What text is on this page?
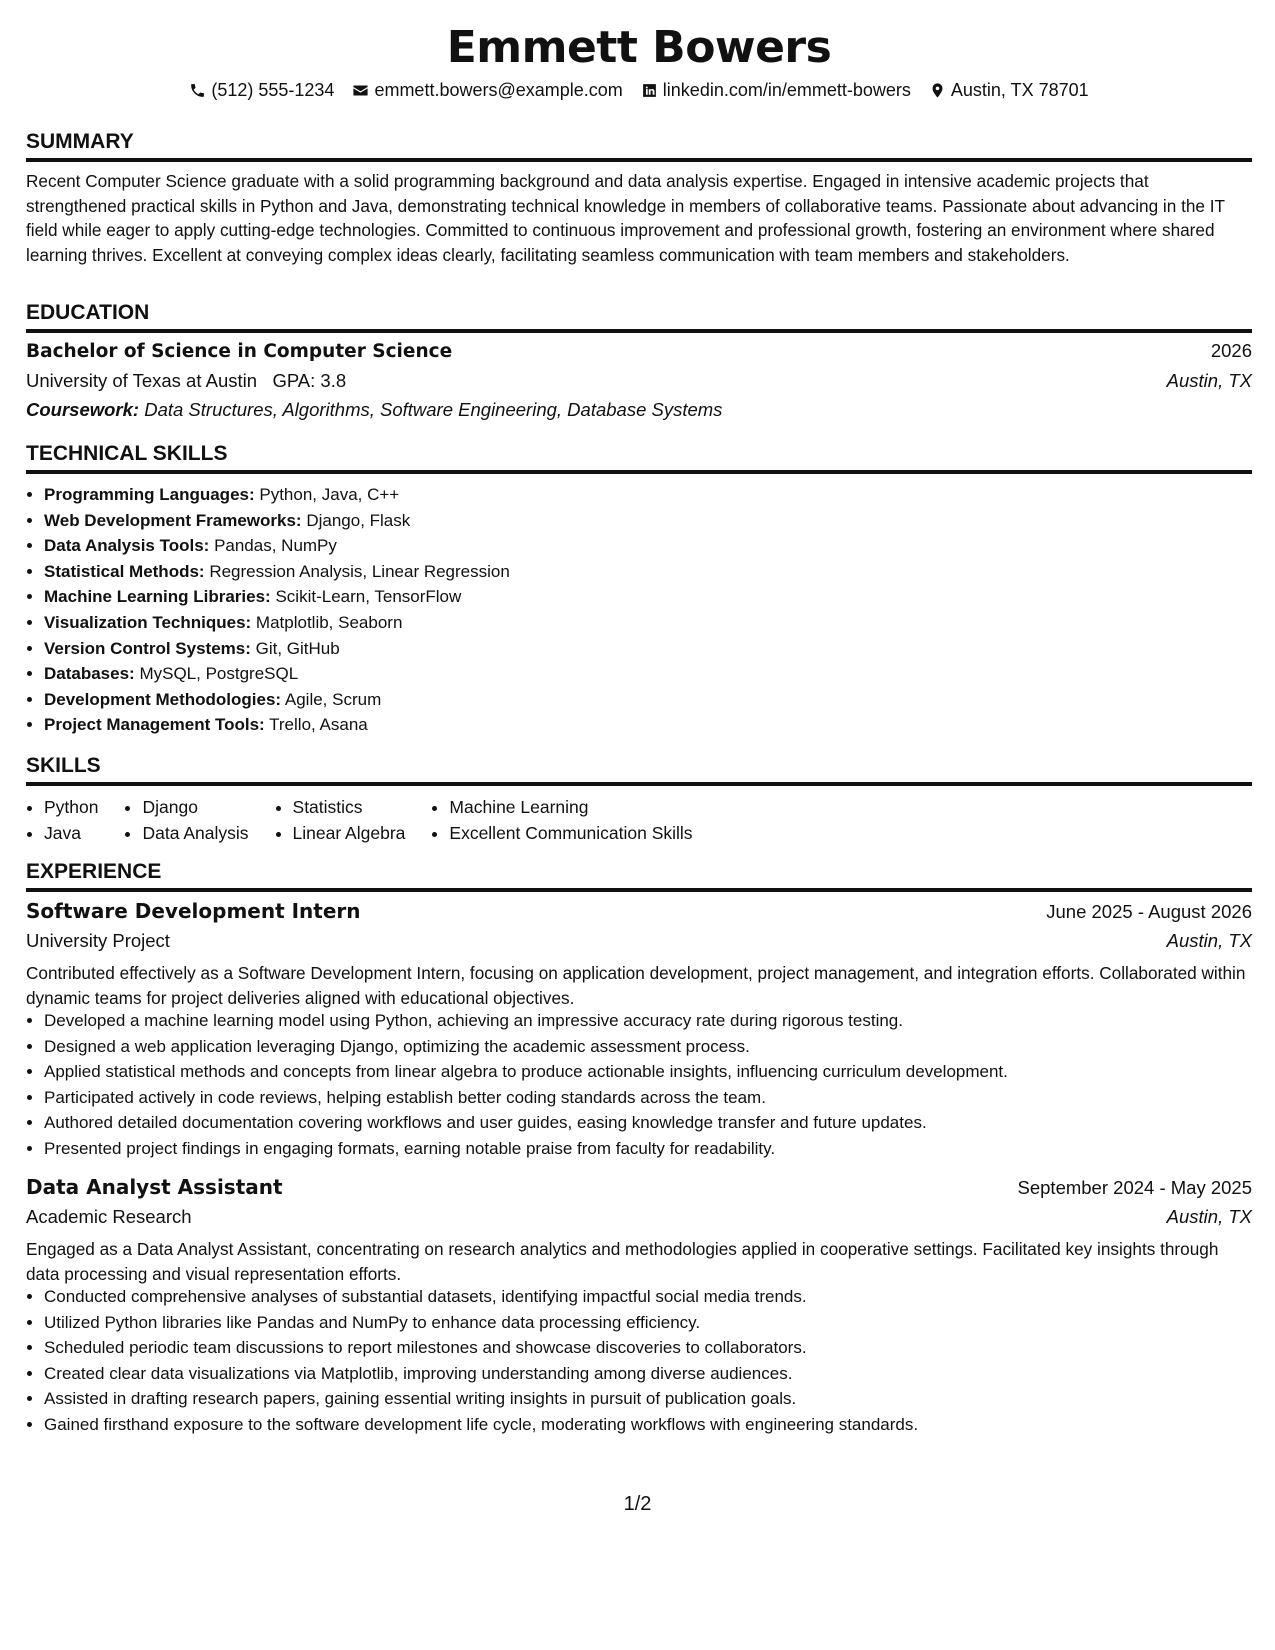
Emmett Bowers
(512) 555-1234 emmett.bowers@example.com linkedin.com/in/emmett-bowers Austin, TX 78701
SUMMARY
Recent Computer Science graduate with a solid programming background and data analysis expertise. Engaged in intensive academic projects that strengthened practical skills in Python and Java, demonstrating technical knowledge in members of collaborative teams. Passionate about advancing in the IT field while eager to apply cutting-edge technologies. Committed to continuous improvement and professional growth, fostering an environment where shared learning thrives. Excellent at conveying complex ideas clearly, facilitating seamless communication with team members and stakeholders.
EDUCATION
Bachelor of Science in Computer Science	2026
University of Texas at Austin GPA: 3.8	Austin, TX
Coursework: Data Structures, Algorithms, Software Engineering, Database Systems
TECHNICAL SKILLS
• Programming Languages: Python, Java, C++
• Web Development Frameworks: Django, Flask
• Data Analysis Tools: Pandas, NumPy
• Statistical Methods: Regression Analysis, Linear Regression
• Machine Learning Libraries: Scikit-Learn, TensorFlow
• Visualization Techniques: Matplotlib, Seaborn
• Version Control Systems: Git, GitHub
• Databases: MySQL, PostgreSQL
• Development Methodologies: Agile, Scrum
• Project Management Tools: Trello, Asana
SKILLS
• Python
• Java
• Django
• Data Analysis
• Statistics
• Linear Algebra
• Machine Learning
• Excellent Communication Skills
EXPERIENCE
Software Development Intern	June 2025 - August 2026
University Project	Austin, TX
Contributed effectively as a Software Development Intern, focusing on application development, project management, and integration efforts. Collaborated within dynamic teams for project deliveries aligned with educational objectives.
• Developed a machine learning model using Python, achieving an impressive accuracy rate during rigorous testing.
• Designed a web application leveraging Django, optimizing the academic assessment process.
• Applied statistical methods and concepts from linear algebra to produce actionable insights, influencing curriculum development.
• Participated actively in code reviews, helping establish better coding standards across the team.
• Authored detailed documentation covering workflows and user guides, easing knowledge transfer and future updates.
• Presented project findings in engaging formats, earning notable praise from faculty for readability.
Data Analyst Assistant	September 2024 - May 2025
Academic Research	Austin, TX
Engaged as a Data Analyst Assistant, concentrating on research analytics and methodologies applied in cooperative settings. Facilitated key insights through data processing and visual representation efforts.
• Conducted comprehensive analyses of substantial datasets, identifying impactful social media trends.
• Utilized Python libraries like Pandas and NumPy to enhance data processing efficiency.
• Scheduled periodic team discussions to report milestones and showcase discoveries to collaborators.
• Created clear data visualizations via Matplotlib, improving understanding among diverse audiences.
• Assisted in drafting research papers, gaining essential writing insights in pursuit of publication goals.
• Gained firsthand exposure to the software development life cycle, moderating workflows with engineering standards.
1/2
